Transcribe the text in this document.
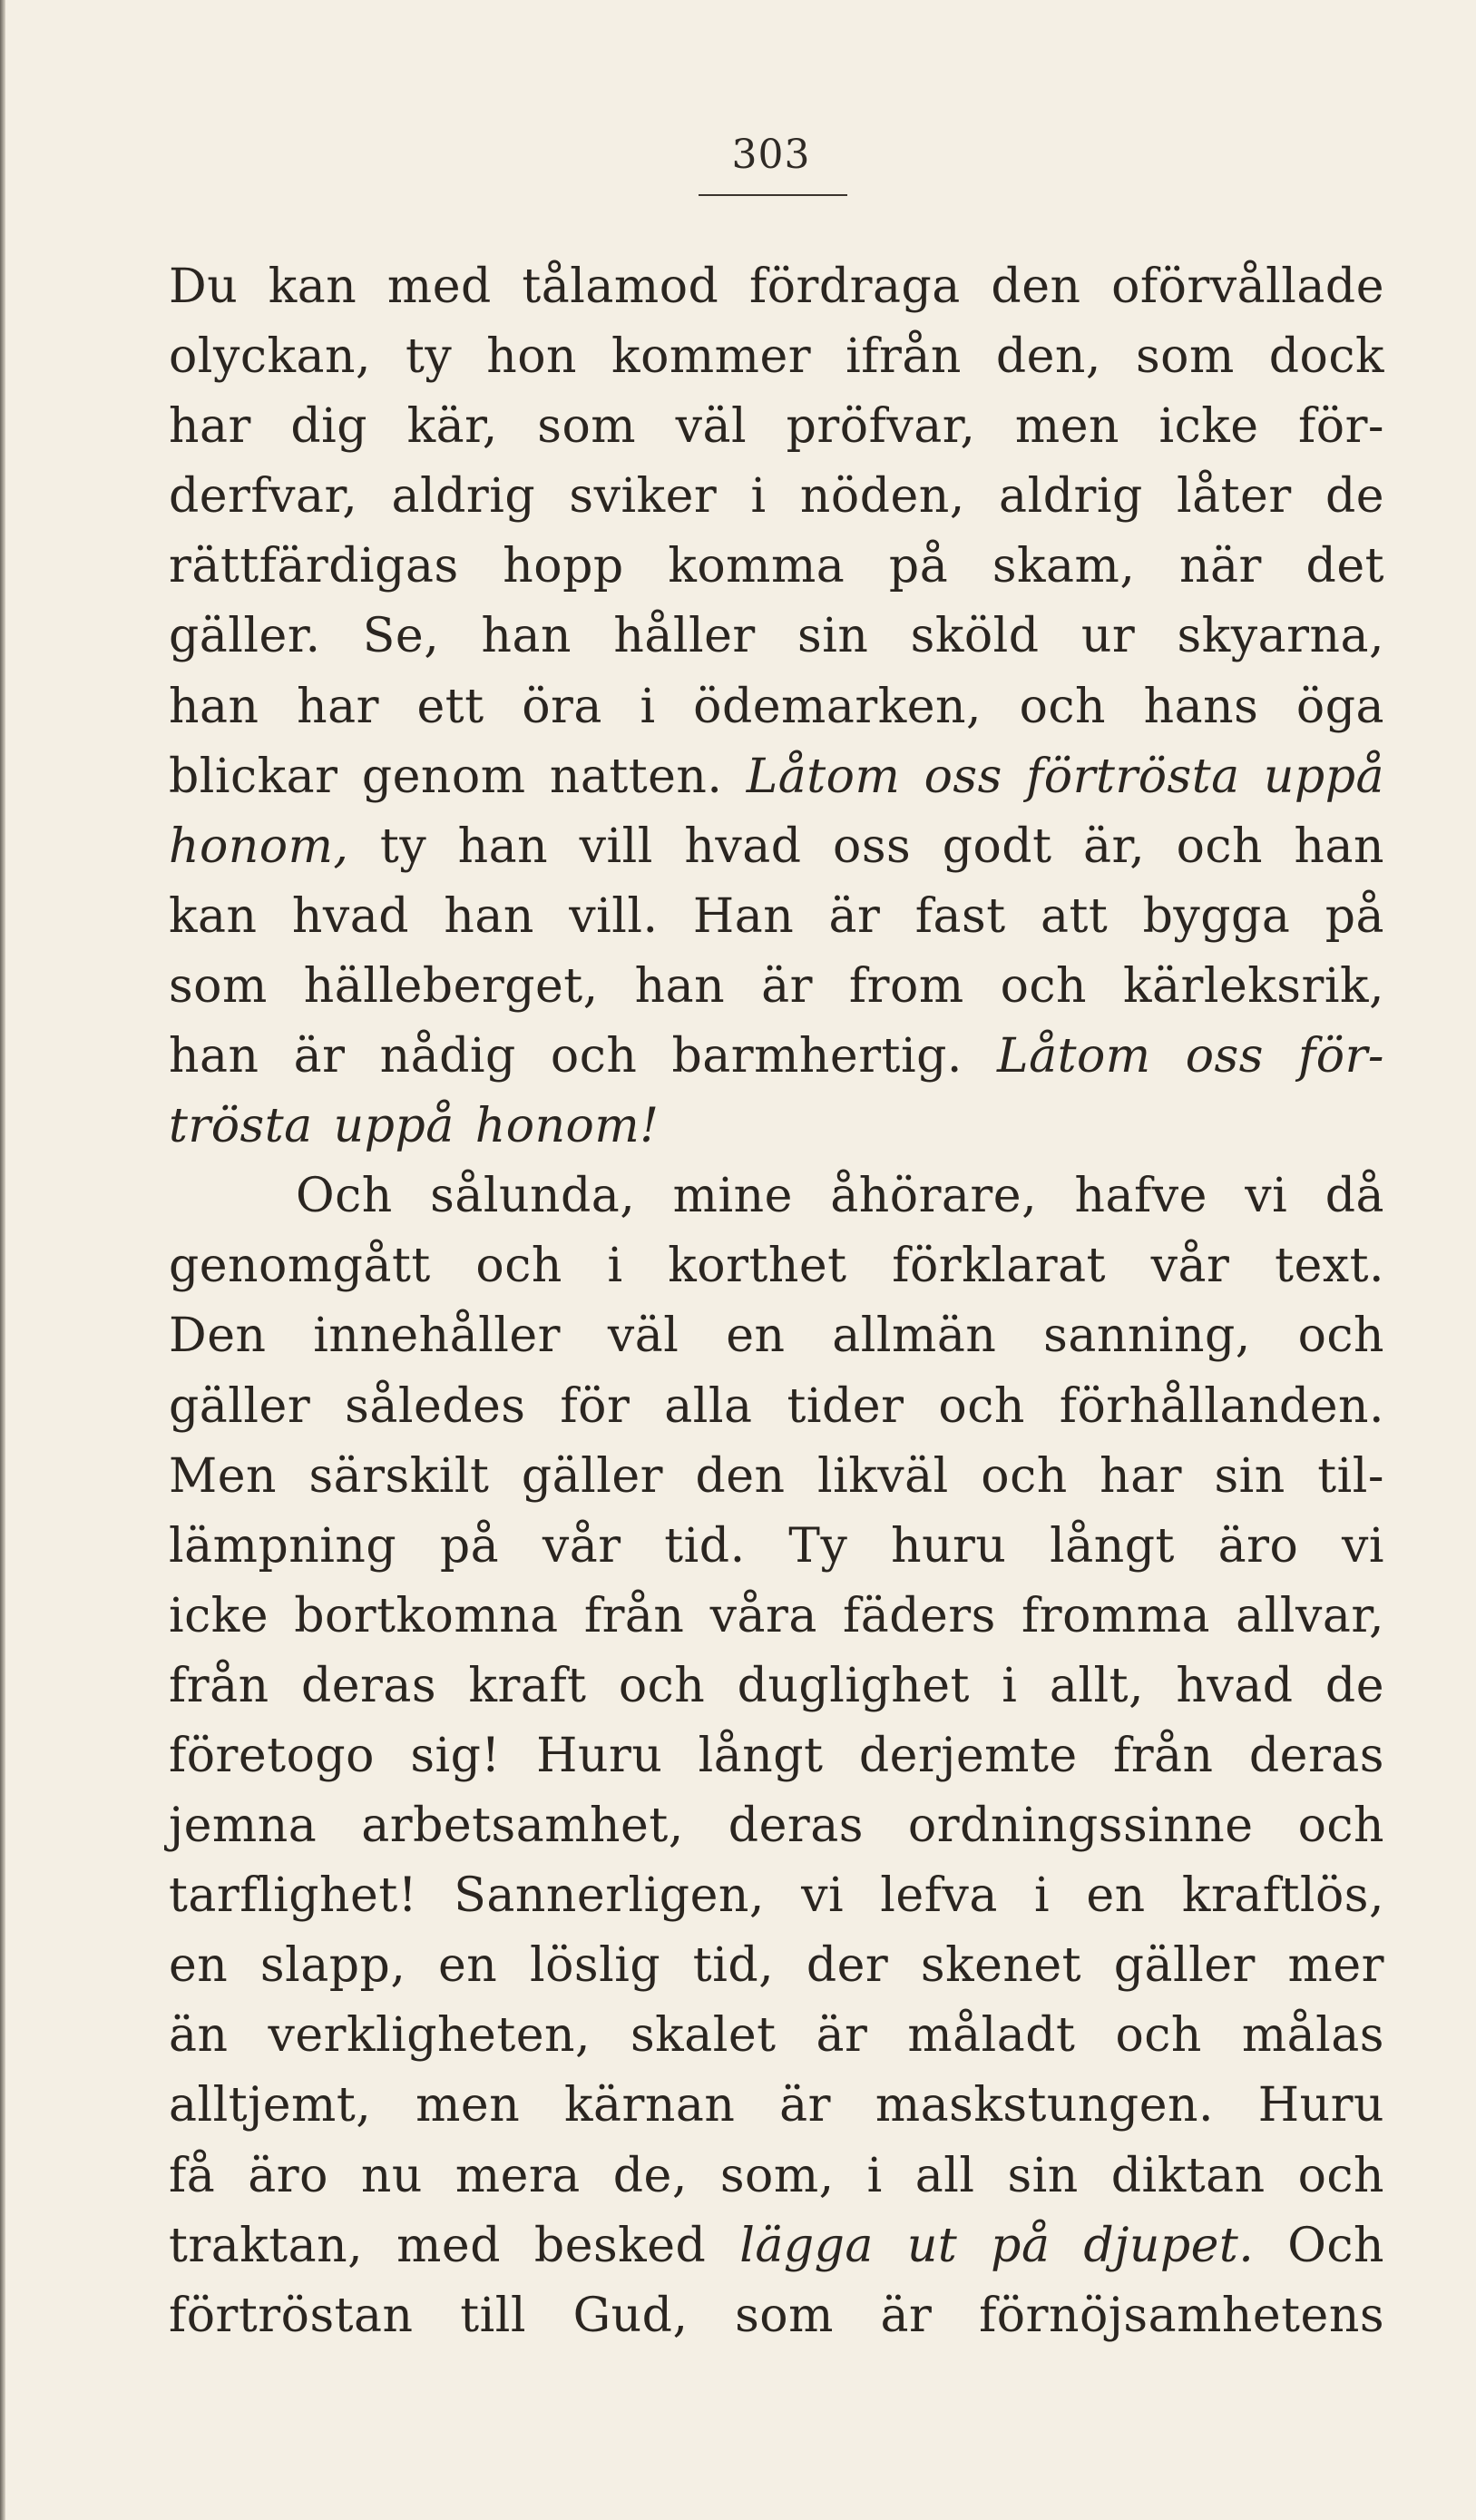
303
Du kan med tålamod fördraga den oförvållade
olyckan, ty hon kommer ifrån den, som dock
har dig kär, som väl pröfvar, men icke för-
derfvar, aldrig sviker i nöden, aldrig låter de
rättfärdigas hopp komma på skam, när det
gäller. Se, han håller sin sköld ur skyarna,
han har ett öra i ödemarken, och hans öga
blickar genom natten. Låtom oss förtrösta uppå
honom, ty han vill hvad oss godt är, och han
kan hvad han vill. Han är fast att bygga på
som hälleberget, han är from och kärleksrik,
han är nådig och barmhertig. Låtom oss för-
trösta uppå honom!
Och sålunda, mine åhörare, hafve vi då
genomgått och i korthet förklarat vår text.
Den innehåller väl en allmän sanning, och
gäller således för alla tider och förhållanden.
Men särskilt gäller den likväl och har sin til-
lämpning på vår tid. Ty huru långt äro vi
icke bortkomna från våra fäders fromma allvar,
från deras kraft och duglighet i allt, hvad de
företogo sig! Huru långt derjemte från deras
jemna arbetsamhet, deras ordningssinne och
tarflighet! Sannerligen, vi lefva i en kraftlös,
en slapp, en löslig tid, der skenet gäller mer
än verkligheten, skalet är måladt och målas
alltjemt, men kärnan är maskstungen. Huru
få äro nu mera de, som, i all sin diktan och
traktan, med besked lägga ut på djupet. Och
förtröstan till Gud, som är förnöjsamhetens
